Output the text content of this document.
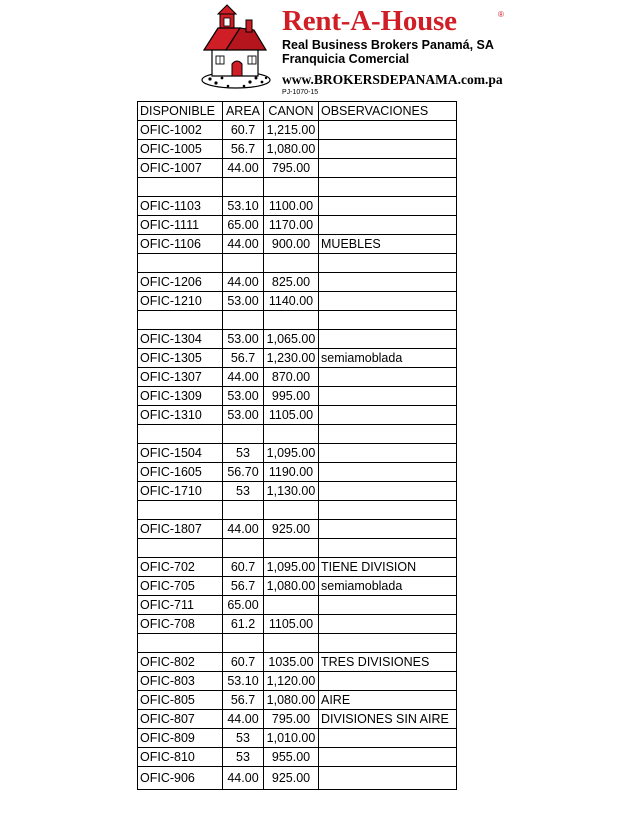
Rent-A-House	®
Real Business Brokers Panamá, SA
Franquicia Comercial
www.BROKERSDEPANAMA.com.pa
PJ-1070-15
DISPONIBLE	AREA	CANON	OBSERVACIONES
OFIC-1002	60.7	1,215.00	
OFIC-1005	56.7	1,080.00	
OFIC-1007	44.00	795.00	

OFIC-1103	53.10	1100.00	
OFIC-1111	65.00	1170.00	
OFIC-1106	44.00	900.00	MUEBLES

OFIC-1206	44.00	825.00	
OFIC-1210	53.00	1140.00	

OFIC-1304	53.00	1,065.00	
OFIC-1305	56.7	1,230.00	semiamoblada
OFIC-1307	44.00	870.00	
OFIC-1309	53.00	995.00	
OFIC-1310	53.00	1105.00	

OFIC-1504	53	1,095.00	
OFIC-1605	56.70	1190.00	
OFIC-1710	53	1,130.00	

OFIC-1807	44.00	925.00	

OFIC-702	60.7	1,095.00	TIENE DIVISION
OFIC-705	56.7	1,080.00	semiamoblada
OFIC-711	65.00		
OFIC-708	61.2	1105.00	

OFIC-802	60.7	1035.00	TRES DIVISIONES
OFIC-803	53.10	1,120.00	
OFIC-805	56.7	1,080.00	AIRE
OFIC-807	44.00	795.00	DIVISIONES SIN AIRE
OFIC-809	53	1,010.00	
OFIC-810	53	955.00	
OFIC-906	44.00	925.00	
